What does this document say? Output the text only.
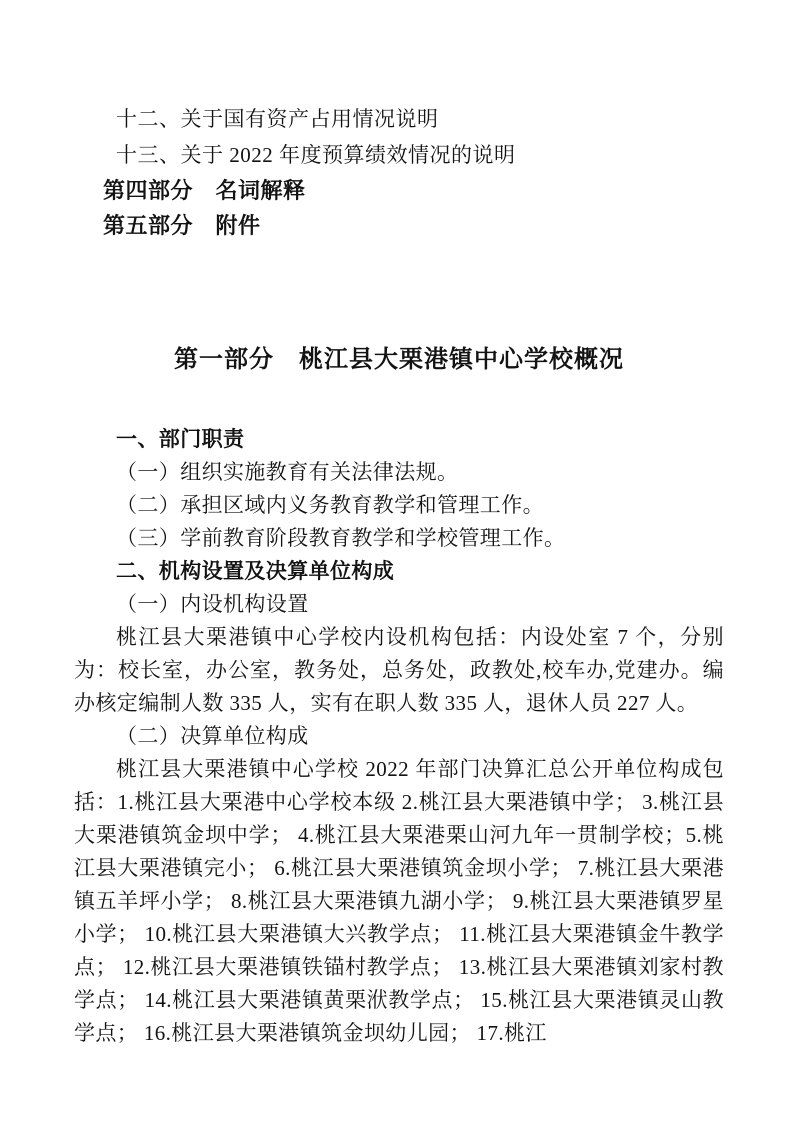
十二、关于国有资产占用情况说明

十三、关于 2022 年度预算绩效情况的说明

第四部分　名词解释

第五部分　附件

第一部分　桃江县大栗港镇中心学校概况

一、部门职责

（一）组织实施教育有关法律法规。

（二）承担区域内义务教育教学和管理工作。

（三）学前教育阶段教育教学和学校管理工作。

二、机构设置及决算单位构成

（一）内设机构设置

桃江县大栗港镇中心学校内设机构包括：内设处室 7 个，分别为：校长室，办公室，教务处，总务处，政教处,校车办,党建办。编办核定编制人数 335 人，实有在职人数 335 人，退休人员 227 人。

（二）决算单位构成

桃江县大栗港镇中心学校 2022 年部门决算汇总公开单位构成包括：1.桃江县大栗港中心学校本级 2.桃江县大栗港镇中学； 3.桃江县大栗港镇筑金坝中学； 4.桃江县大栗港栗山河九年一贯制学校；5.桃江县大栗港镇完小； 6.桃江县大栗港镇筑金坝小学； 7.桃江县大栗港镇五羊坪小学； 8.桃江县大栗港镇九湖小学； 9.桃江县大栗港镇罗星小学； 10.桃江县大栗港镇大兴教学点； 11.桃江县大栗港镇金牛教学点； 12.桃江县大栗港镇铁锚村教学点； 13.桃江县大栗港镇刘家村教学点； 14.桃江县大栗港镇黄栗洑教学点； 15.桃江县大栗港镇灵山教学点； 16.桃江县大栗港镇筑金坝幼儿园； 17.桃江
